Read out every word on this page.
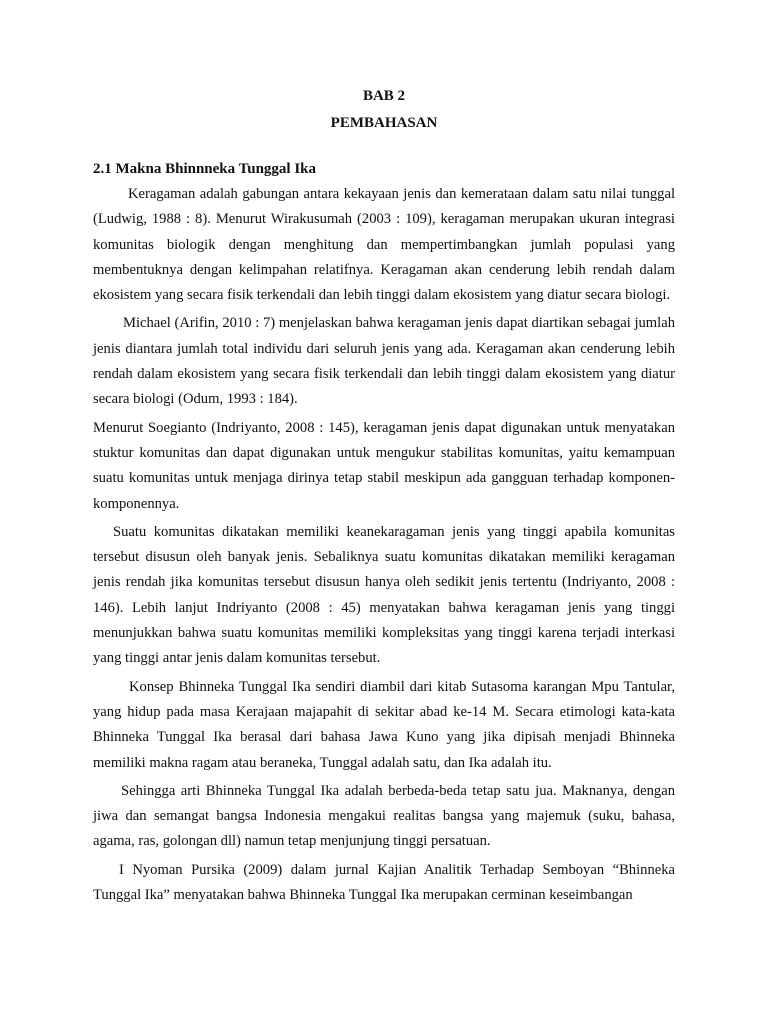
BAB 2

PEMBAHASAN

2.1 Makna Bhinnneka Tunggal Ika

Keragaman adalah gabungan antara kekayaan jenis dan kemerataan dalam satu nilai tunggal (Ludwig, 1988 : 8). Menurut Wirakusumah (2003 : 109), keragaman merupakan ukuran integrasi komunitas biologik dengan menghitung dan mempertimbangkan jumlah populasi yang membentuknya dengan kelimpahan relatifnya. Keragaman akan cenderung lebih rendah dalam ekosistem yang secara fisik terkendali dan lebih tinggi dalam ekosistem yang diatur secara biologi.

Michael (Arifin, 2010 : 7) menjelaskan bahwa keragaman jenis dapat diartikan sebagai jumlah jenis diantara jumlah total individu dari seluruh jenis yang ada. Keragaman akan cenderung lebih rendah dalam ekosistem yang secara fisik terkendali dan lebih tinggi dalam ekosistem yang diatur secara biologi (Odum, 1993 : 184).

Menurut Soegianto (Indriyanto, 2008 : 145), keragaman jenis dapat digunakan untuk menyatakan stuktur komunitas dan dapat digunakan untuk mengukur stabilitas komunitas, yaitu kemampuan suatu komunitas untuk menjaga dirinya tetap stabil meskipun ada gangguan terhadap komponen-komponennya.

Suatu komunitas dikatakan memiliki keanekaragaman jenis yang tinggi apabila komunitas tersebut disusun oleh banyak jenis. Sebaliknya suatu komunitas dikatakan memiliki keragaman jenis rendah jika komunitas tersebut disusun hanya oleh sedikit jenis tertentu (Indriyanto, 2008 : 146). Lebih lanjut Indriyanto (2008 : 45) menyatakan bahwa keragaman jenis yang tinggi menunjukkan bahwa suatu komunitas memiliki kompleksitas yang tinggi karena terjadi interkasi yang tinggi antar jenis dalam komunitas tersebut.

Konsep Bhinneka Tunggal Ika sendiri diambil dari kitab Sutasoma karangan Mpu Tantular, yang hidup pada masa Kerajaan majapahit di sekitar abad ke-14 M. Secara etimologi kata-kata Bhinneka Tunggal Ika berasal dari bahasa Jawa Kuno yang jika dipisah menjadi Bhinneka memiliki makna ragam atau beraneka, Tunggal adalah satu, dan Ika adalah itu.

Sehingga arti Bhinneka Tunggal Ika adalah berbeda-beda tetap satu jua. Maknanya, dengan jiwa dan semangat bangsa Indonesia mengakui realitas bangsa yang majemuk (suku, bahasa, agama, ras, golongan dll) namun tetap menjunjung tinggi persatuan.

I Nyoman Pursika (2009) dalam jurnal Kajian Analitik Terhadap Semboyan “Bhinneka Tunggal Ika” menyatakan bahwa Bhinneka Tunggal Ika merupakan cerminan keseimbangan
